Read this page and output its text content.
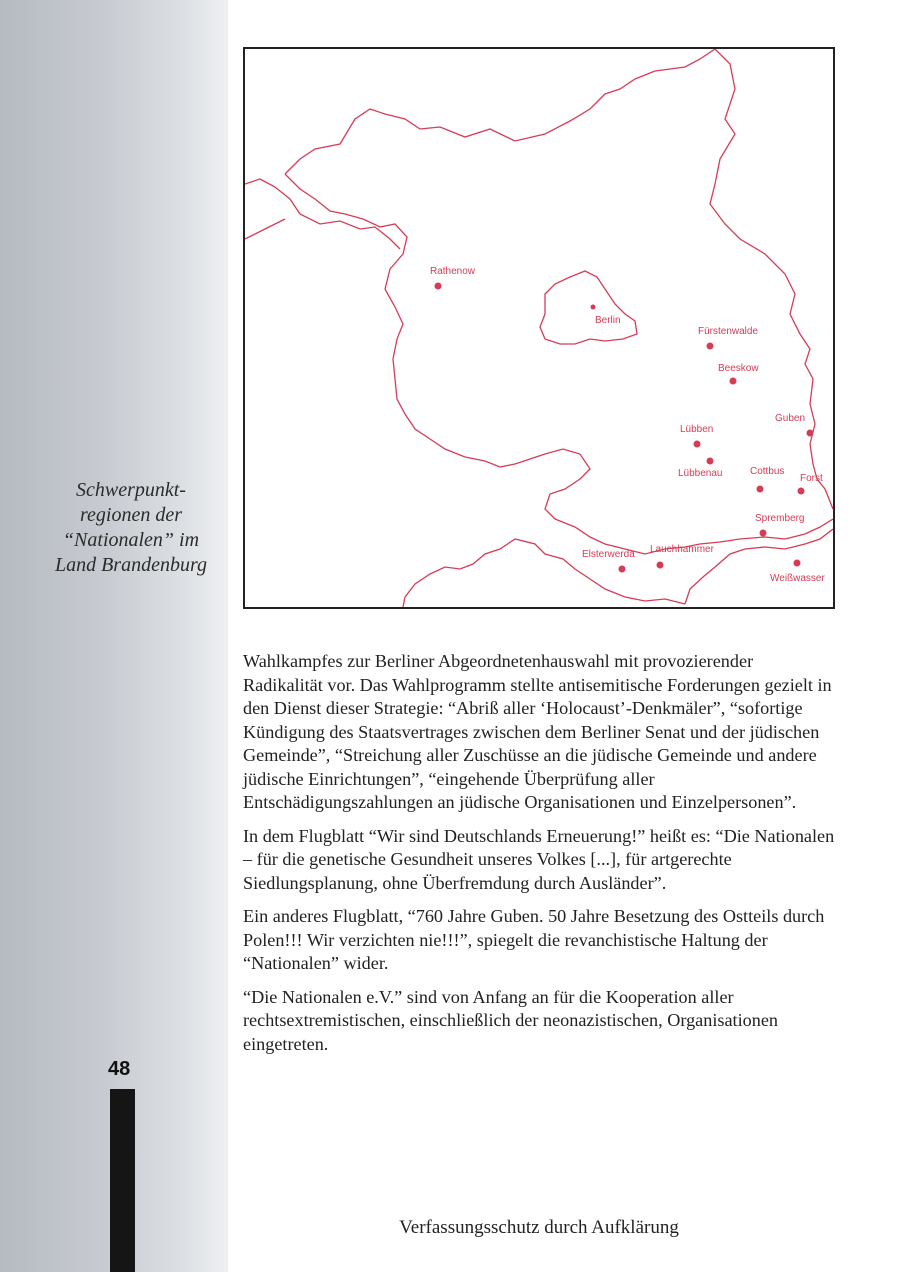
Schwerpunkt-
regionen der
“Nationalen” im
Land Brandenburg
48
Rathenow
Berlin
Fürstenwalde
Beeskow
Guben
Lübben
Lübbenau	Cottbus
Forst
Spremberg
Elsterwerda Lauchhammer
Weißwasser

Wahlkampfes zur Berliner Abgeordnetenhauswahl mit provozierender Radikalität vor. Das Wahlprogramm stellte antisemitische Forderungen gezielt in den Dienst dieser Strategie: “Abriß aller ‘Holocaust’-Denkmäler”, “sofortige Kündigung des Staatsvertrages zwischen dem Berliner Senat und der jüdischen Gemeinde”, “Streichung aller Zuschüsse an die jüdische Gemeinde und andere jüdische Einrichtungen”, “eingehende Überprüfung aller Entschädigungszahlungen an jüdische Organisationen und Einzelpersonen”.

In dem Flugblatt “Wir sind Deutschlands Erneuerung!” heißt es: “Die Nationalen – für die genetische Gesundheit unseres Volkes [...], für artgerechte Siedlungsplanung, ohne Überfremdung durch Ausländer”.

Ein anderes Flugblatt, “760 Jahre Guben. 50 Jahre Besetzung des Ostteils durch Polen!!! Wir verzichten nie!!!”, spiegelt die revanchistische Haltung der “Nationalen” wider.

“Die Nationalen e.V.” sind von Anfang an für die Kooperation aller rechtsextremistischen, einschließlich der neonazistischen, Organisationen eingetreten.

Verfassungsschutz durch Aufklärung
